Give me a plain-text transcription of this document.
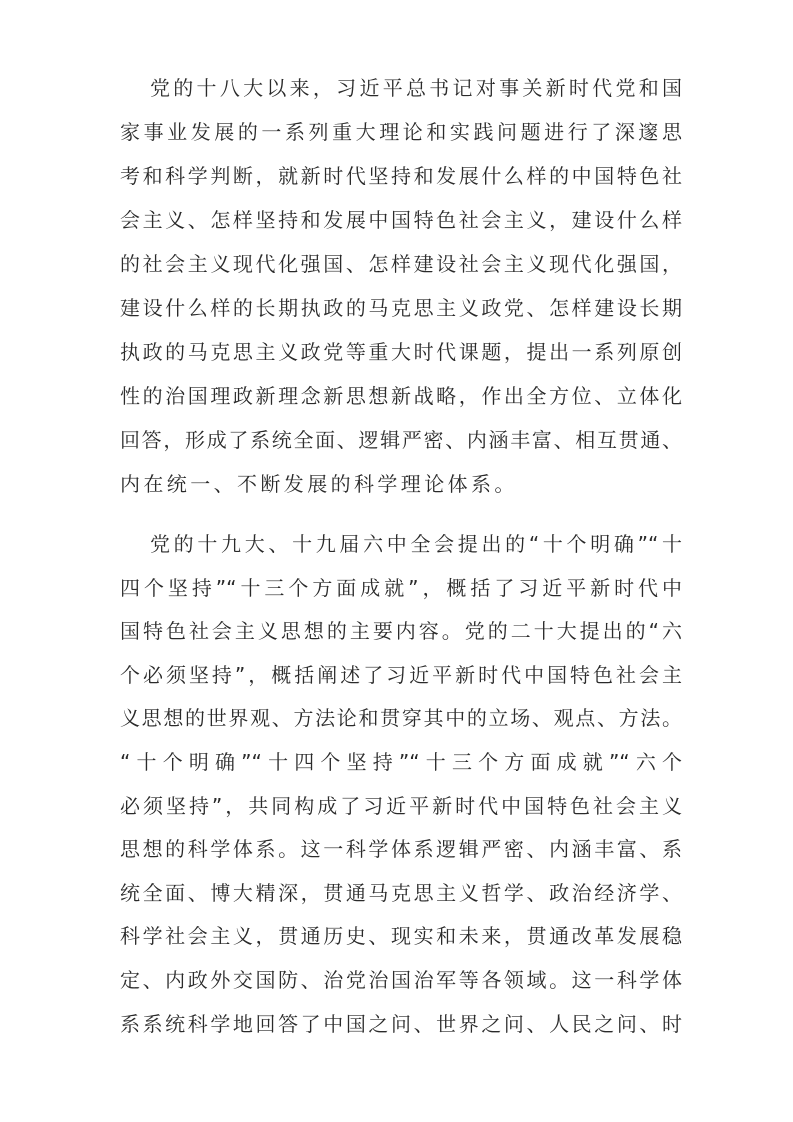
党的十八大以来，习近平总书记对事关新时代党和国
家事业发展的一系列重大理论和实践问题进行了深邃思
考和科学判断，就新时代坚持和发展什么样的中国特色社
会主义、怎样坚持和发展中国特色社会主义，建设什么样
的社会主义现代化强国、怎样建设社会主义现代化强国，
建设什么样的长期执政的马克思主义政党、怎样建设长期
执政的马克思主义政党等重大时代课题，提出一系列原创
性的治国理政新理念新思想新战略，作出全方位、立体化
回答，形成了系统全面、逻辑严密、内涵丰富、相互贯通、
内在统一、不断发展的科学理论体系。
党的十九大、十九届六中全会提出的“十个明确”“十
四个坚持”“十三个方面成就”，概括了习近平新时代中
国特色社会主义思想的主要内容。党的二十大提出的“六
个必须坚持”，概括阐述了习近平新时代中国特色社会主
义思想的世界观、方法论和贯穿其中的立场、观点、方法。
“十个明确”“十四个坚持”“十三个方面成就”“六个
必须坚持”，共同构成了习近平新时代中国特色社会主义
思想的科学体系。这一科学体系逻辑严密、内涵丰富、系
统全面、博大精深，贯通马克思主义哲学、政治经济学、
科学社会主义，贯通历史、现实和未来，贯通改革发展稳
定、内政外交国防、治党治国治军等各领域。这一科学体
系系统科学地回答了中国之问、世界之问、人民之问、时
